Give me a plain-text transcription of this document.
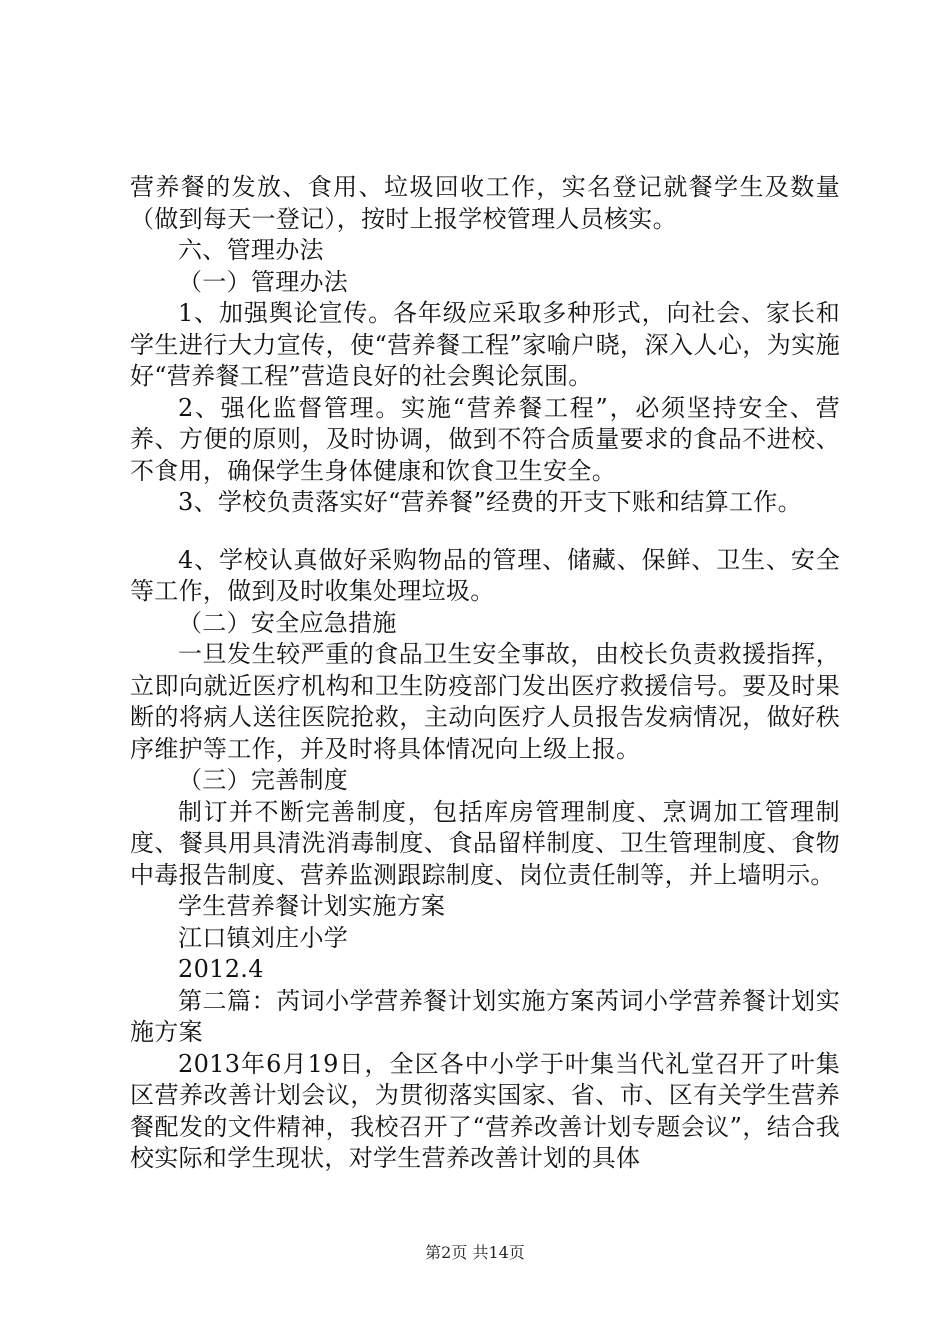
营养餐的发放、食用、垃圾回收工作，实名登记就餐学生及数量（做到每天一登记），按时上报学校管理人员核实。

六、管理办法

（一）管理办法

1、加强舆论宣传。各年级应采取多种形式，向社会、家长和学生进行大力宣传，使“营养餐工程”家喻户晓，深入人心，为实施好“营养餐工程”营造良好的社会舆论氛围。

2、强化监督管理。实施“营养餐工程”，必须坚持安全、营养、方便的原则，及时协调，做到不符合质量要求的食品不进校、不食用，确保学生身体健康和饮食卫生安全。

3、学校负责落实好“营养餐”经费的开支下账和结算工作。

4、学校认真做好采购物品的管理、储藏、保鲜、卫生、安全等工作，做到及时收集处理垃圾。

（二）安全应急措施

一旦发生较严重的食品卫生安全事故，由校长负责救援指挥，立即向就近医疗机构和卫生防疫部门发出医疗救援信号。要及时果断的将病人送往医院抢救，主动向医疗人员报告发病情况，做好秩序维护等工作，并及时将具体情况向上级上报。

（三）完善制度

制订并不断完善制度，包括库房管理制度、烹调加工管理制度、餐具用具清洗消毒制度、食品留样制度、卫生管理制度、食物中毒报告制度、营养监测跟踪制度、岗位责任制等，并上墙明示。

学生营养餐计划实施方案

江口镇刘庄小学

2012.4

第二篇：芮词小学营养餐计划实施方案芮词小学营养餐计划实施方案

2013年6月19日，全区各中小学于叶集当代礼堂召开了叶集区营养改善计划会议，为贯彻落实国家、省、市、区有关学生营养餐配发的文件精神，我校召开了“营养改善计划专题会议”，结合我校实际和学生现状，对学生营养改善计划的具体

第2页 共14页
